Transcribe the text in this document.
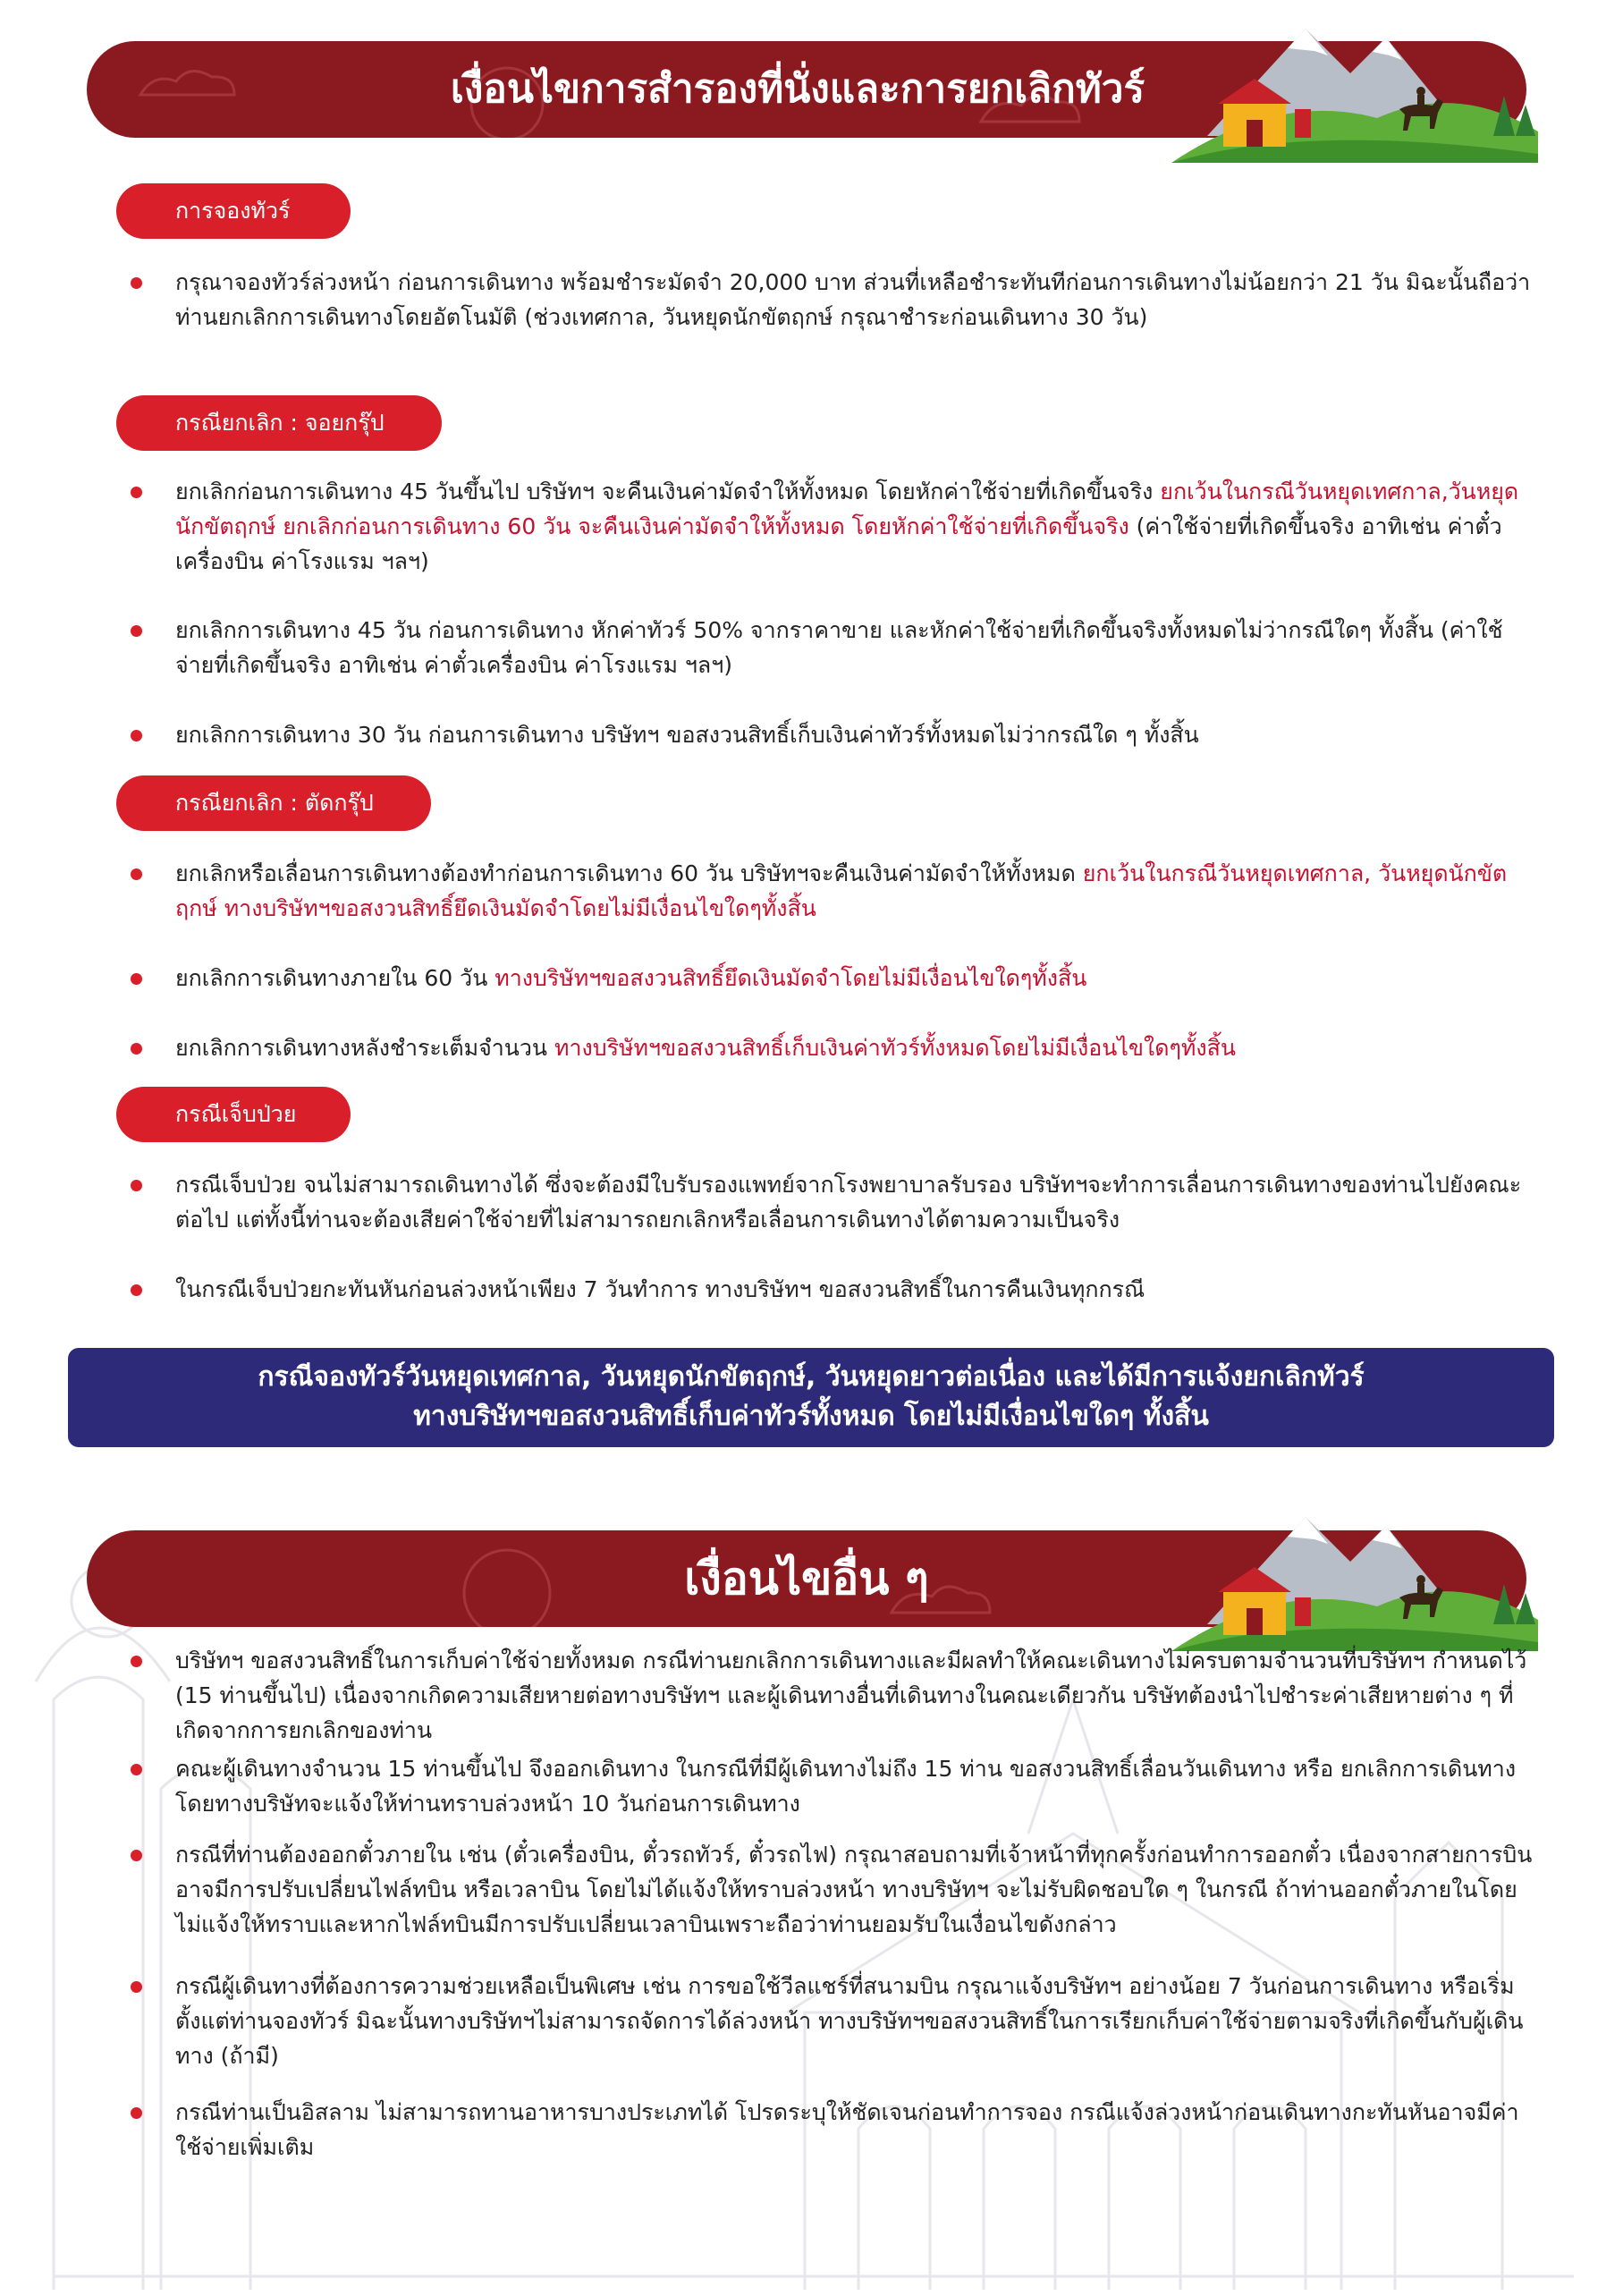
เงื่อนไขการสำรองที่นั่งและการยกเลิกทัวร์
การจองทัวร์
กรุณาจองทัวร์ล่วงหน้า ก่อนการเดินทาง พร้อมชำระมัดจำ 20,000 บาท ส่วนที่เหลือชำระทันทีก่อนการเดินทางไม่น้อยกว่า 21 วัน มิฉะนั้นถือว่าท่านยกเลิกการเดินทางโดยอัตโนมัติ (ช่วงเทศกาล, วันหยุดนักขัตฤกษ์ กรุณาชำระก่อนเดินทาง 30 วัน)
กรณียกเลิก : จอยกรุ๊ป
ยกเลิกก่อนการเดินทาง 45 วันขึ้นไป บริษัทฯ จะคืนเงินค่ามัดจำให้ทั้งหมด โดยหักค่าใช้จ่ายที่เกิดขึ้นจริง ยกเว้นในกรณีวันหยุดเทศกาล,วันหยุดนักขัตฤกษ์ ยกเลิกก่อนการเดินทาง 60 วัน จะคืนเงินค่ามัดจำให้ทั้งหมด โดยหักค่าใช้จ่ายที่เกิดขึ้นจริง (ค่าใช้จ่ายที่เกิดขึ้นจริง อาทิเช่น ค่าตั๋วเครื่องบิน ค่าโรงแรม ฯลฯ)
ยกเลิกการเดินทาง 45 วัน ก่อนการเดินทาง หักค่าทัวร์ 50% จากราคาขาย และหักค่าใช้จ่ายที่เกิดขึ้นจริงทั้งหมดไม่ว่ากรณีใดๆ ทั้งสิ้น (ค่าใช้จ่ายที่เกิดขึ้นจริง อาทิเช่น ค่าตั๋วเครื่องบิน ค่าโรงแรม ฯลฯ)
ยกเลิกการเดินทาง 30 วัน ก่อนการเดินทาง บริษัทฯ ขอสงวนสิทธิ์เก็บเงินค่าทัวร์ทั้งหมดไม่ว่ากรณีใด ๆ ทั้งสิ้น
กรณียกเลิก : ตัดกรุ๊ป
ยกเลิกหรือเลื่อนการเดินทางต้องทำก่อนการเดินทาง 60 วัน บริษัทฯจะคืนเงินค่ามัดจำให้ทั้งหมด ยกเว้นในกรณีวันหยุดเทศกาล, วันหยุดนักขัตฤกษ์ ทางบริษัทฯขอสงวนสิทธิ์ยึดเงินมัดจำโดยไม่มีเงื่อนไขใดๆทั้งสิ้น
ยกเลิกการเดินทางภายใน 60 วัน ทางบริษัทฯขอสงวนสิทธิ์ยึดเงินมัดจำโดยไม่มีเงื่อนไขใดๆทั้งสิ้น
ยกเลิกการเดินทางหลังชำระเต็มจำนวน ทางบริษัทฯขอสงวนสิทธิ์เก็บเงินค่าทัวร์ทั้งหมดโดยไม่มีเงื่อนไขใดๆทั้งสิ้น
กรณีเจ็บป่วย
กรณีเจ็บป่วย จนไม่สามารถเดินทางได้ ซึ่งจะต้องมีใบรับรองแพทย์จากโรงพยาบาลรับรอง บริษัทฯจะทำการเลื่อนการเดินทางของท่านไปยังคณะต่อไป แต่ทั้งนี้ท่านจะต้องเสียค่าใช้จ่ายที่ไม่สามารถยกเลิกหรือเลื่อนการเดินทางได้ตามความเป็นจริง
ในกรณีเจ็บป่วยกะทันหันก่อนล่วงหน้าเพียง 7 วันทำการ ทางบริษัทฯ ขอสงวนสิทธิ์ในการคืนเงินทุกกรณี
กรณีจองทัวร์วันหยุดเทศกาล, วันหยุดนักขัตฤกษ์, วันหยุดยาวต่อเนื่อง และได้มีการแจ้งยกเลิกทัวร์
ทางบริษัทฯขอสงวนสิทธิ์เก็บค่าทัวร์ทั้งหมด โดยไม่มีเงื่อนไขใดๆ ทั้งสิ้น
เงื่อนไขอื่น ๆ
บริษัทฯ ขอสงวนสิทธิ์ในการเก็บค่าใช้จ่ายทั้งหมด กรณีท่านยกเลิกการเดินทางและมีผลทำให้คณะเดินทางไม่ครบตามจำนวนที่บริษัทฯ กำหนดไว้ (15 ท่านขึ้นไป) เนื่องจากเกิดความเสียหายต่อทางบริษัทฯ และผู้เดินทางอื่นที่เดินทางในคณะเดียวกัน บริษัทต้องนำไปชำระค่าเสียหายต่าง ๆ ที่เกิดจากการยกเลิกของท่าน
คณะผู้เดินทางจำนวน 15 ท่านขึ้นไป จึงออกเดินทาง ในกรณีที่มีผู้เดินทางไม่ถึง 15 ท่าน ขอสงวนสิทธิ์เลื่อนวันเดินทาง หรือ ยกเลิกการเดินทาง โดยทางบริษัทจะแจ้งให้ท่านทราบล่วงหน้า 10 วันก่อนการเดินทาง
กรณีที่ท่านต้องออกตั๋วภายใน เช่น (ตั๋วเครื่องบิน, ตั๋วรถทัวร์, ตั๋วรถไฟ) กรุณาสอบถามที่เจ้าหน้าที่ทุกครั้งก่อนทำการออกตั๋ว เนื่องจากสายการบินอาจมีการปรับเปลี่ยนไฟล์ทบิน หรือเวลาบิน โดยไม่ได้แจ้งให้ทราบล่วงหน้า ทางบริษัทฯ จะไม่รับผิดชอบใด ๆ ในกรณี ถ้าท่านออกตั๋วภายในโดยไม่แจ้งให้ทราบและหากไฟล์ทบินมีการปรับเปลี่ยนเวลาบินเพราะถือว่าท่านยอมรับในเงื่อนไขดังกล่าว
กรณีผู้เดินทางที่ต้องการความช่วยเหลือเป็นพิเศษ เช่น การขอใช้วีลแชร์ที่สนามบิน กรุณาแจ้งบริษัทฯ อย่างน้อย 7 วันก่อนการเดินทาง หรือเริ่มตั้งแต่ท่านจองทัวร์ มิฉะนั้นทางบริษัทฯไม่สามารถจัดการได้ล่วงหน้า ทางบริษัทฯขอสงวนสิทธิ์ในการเรียกเก็บค่าใช้จ่ายตามจริงที่เกิดขึ้นกับผู้เดินทาง (ถ้ามี)
กรณีท่านเป็นอิสลาม ไม่สามารถทานอาหารบางประเภทได้ โปรดระบุให้ชัดเจนก่อนทำการจอง กรณีแจ้งล่วงหน้าก่อนเดินทางกะทันหันอาจมีค่าใช้จ่ายเพิ่มเติม
